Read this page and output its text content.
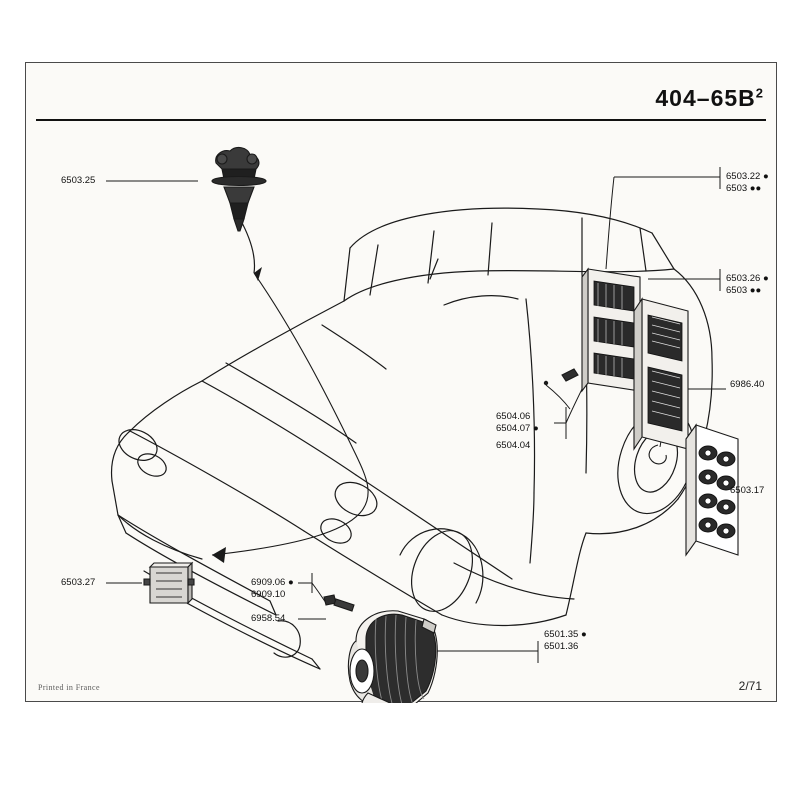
$404-65B^2$
6503.25	6503.22 ●
6503 ●●
6503.26 ●
6503 ●●
6986.40
6503.17
6504.06
6504.07 ●
6504.04
6503.27	6909.06 ●
6909.10
6958.54
6501.35 ●
6501.36
Printed in France	2/71
